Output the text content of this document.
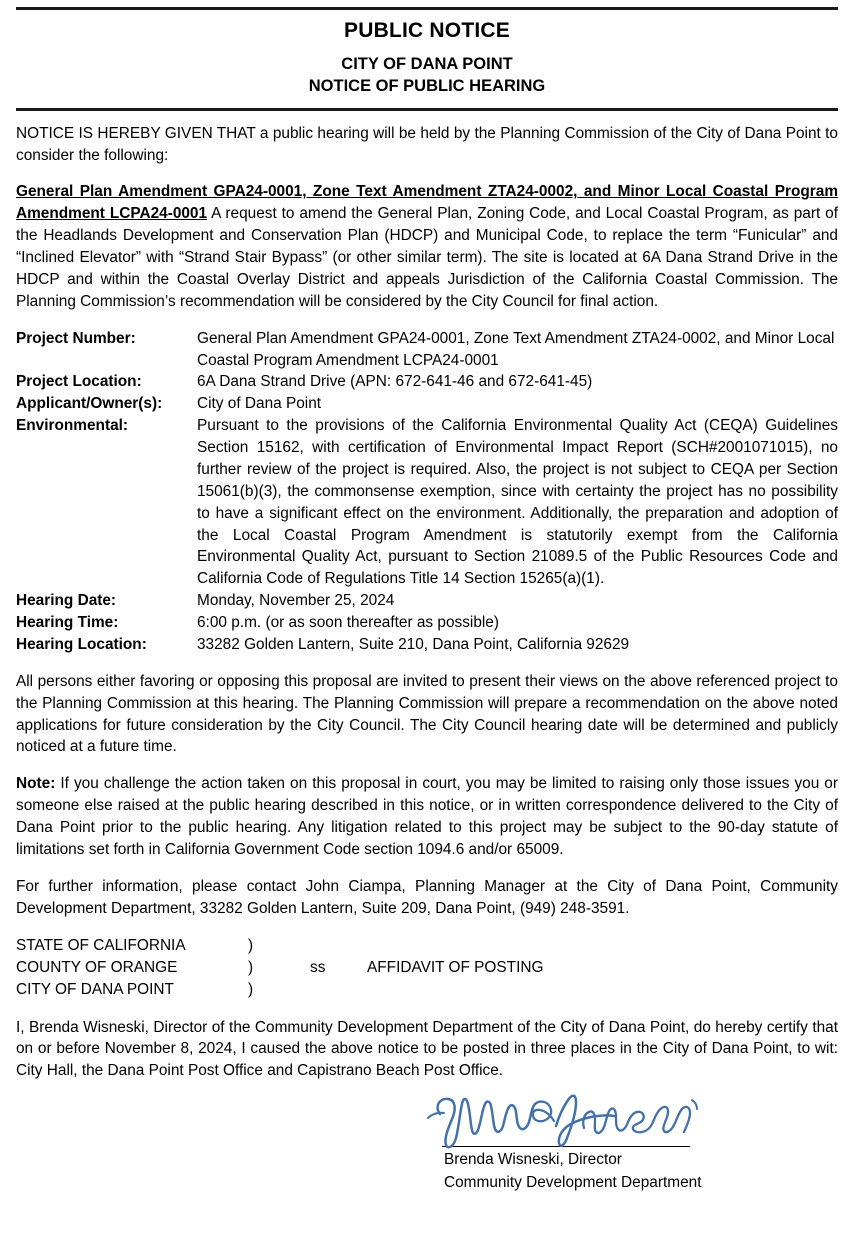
PUBLIC NOTICE
CITY OF DANA POINT
NOTICE OF PUBLIC HEARING

NOTICE IS HEREBY GIVEN THAT a public hearing will be held by the Planning Commission of the City of Dana Point to consider the following:

General Plan Amendment GPA24-0001, Zone Text Amendment ZTA24-0002, and Minor Local Coastal Program Amendment LCPA24-0001 A request to amend the General Plan, Zoning Code, and Local Coastal Program, as part of the Headlands Development and Conservation Plan (HDCP) and Municipal Code, to replace the term “Funicular” and “Inclined Elevator” with “Strand Stair Bypass” (or other similar term). The site is located at 6A Dana Strand Drive in the HDCP and within the Coastal Overlay District and appeals Jurisdiction of the California Coastal Commission. The Planning Commission’s recommendation will be considered by the City Council for final action.

Project Number:	General Plan Amendment GPA24-0001, Zone Text Amendment ZTA24-0002, and Minor Local Coastal Program Amendment LCPA24-0001
Project Location:	6A Dana Strand Drive (APN: 672-641-46 and 672-641-45)
Applicant/Owner(s):	City of Dana Point
Environmental:	Pursuant to the provisions of the California Environmental Quality Act (CEQA) Guidelines Section 15162, with certification of Environmental Impact Report (SCH#2001071015), no further review of the project is required. Also, the project is not subject to CEQA per Section 15061(b)(3), the commonsense exemption, since with certainty the project has no possibility to have a significant effect on the environment. Additionally, the preparation and adoption of the Local Coastal Program Amendment is statutorily exempt from the California Environmental Quality Act, pursuant to Section 21089.5 of the Public Resources Code and California Code of Regulations Title 14 Section 15265(a)(1).
Hearing Date:	Monday, November 25, 2024
Hearing Time:	6:00 p.m. (or as soon thereafter as possible)
Hearing Location:	33282 Golden Lantern, Suite 210, Dana Point, California 92629

All persons either favoring or opposing this proposal are invited to present their views on the above referenced project to the Planning Commission at this hearing. The Planning Commission will prepare a recommendation on the above noted applications for future consideration by the City Council. The City Council hearing date will be determined and publicly noticed at a future time.

Note: If you challenge the action taken on this proposal in court, you may be limited to raising only those issues you or someone else raised at the public hearing described in this notice, or in written correspondence delivered to the City of Dana Point prior to the public hearing. Any litigation related to this project may be subject to the 90-day statute of limitations set forth in California Government Code section 1094.6 and/or 65009.

For further information, please contact John Ciampa, Planning Manager at the City of Dana Point, Community Development Department, 33282 Golden Lantern, Suite 209, Dana Point, (949) 248-3591.

STATE OF CALIFORNIA	)		
COUNTY OF ORANGE	)	ss	AFFIDAVIT OF POSTING
CITY OF DANA POINT	)		

I, Brenda Wisneski, Director of the Community Development Department of the City of Dana Point, do hereby certify that on or before November 8, 2024, I caused the above notice to be posted in three places in the City of Dana Point, to wit: City Hall, the Dana Point Post Office and Capistrano Beach Post Office.

Brenda Wisneski, Director
Community Development Department
